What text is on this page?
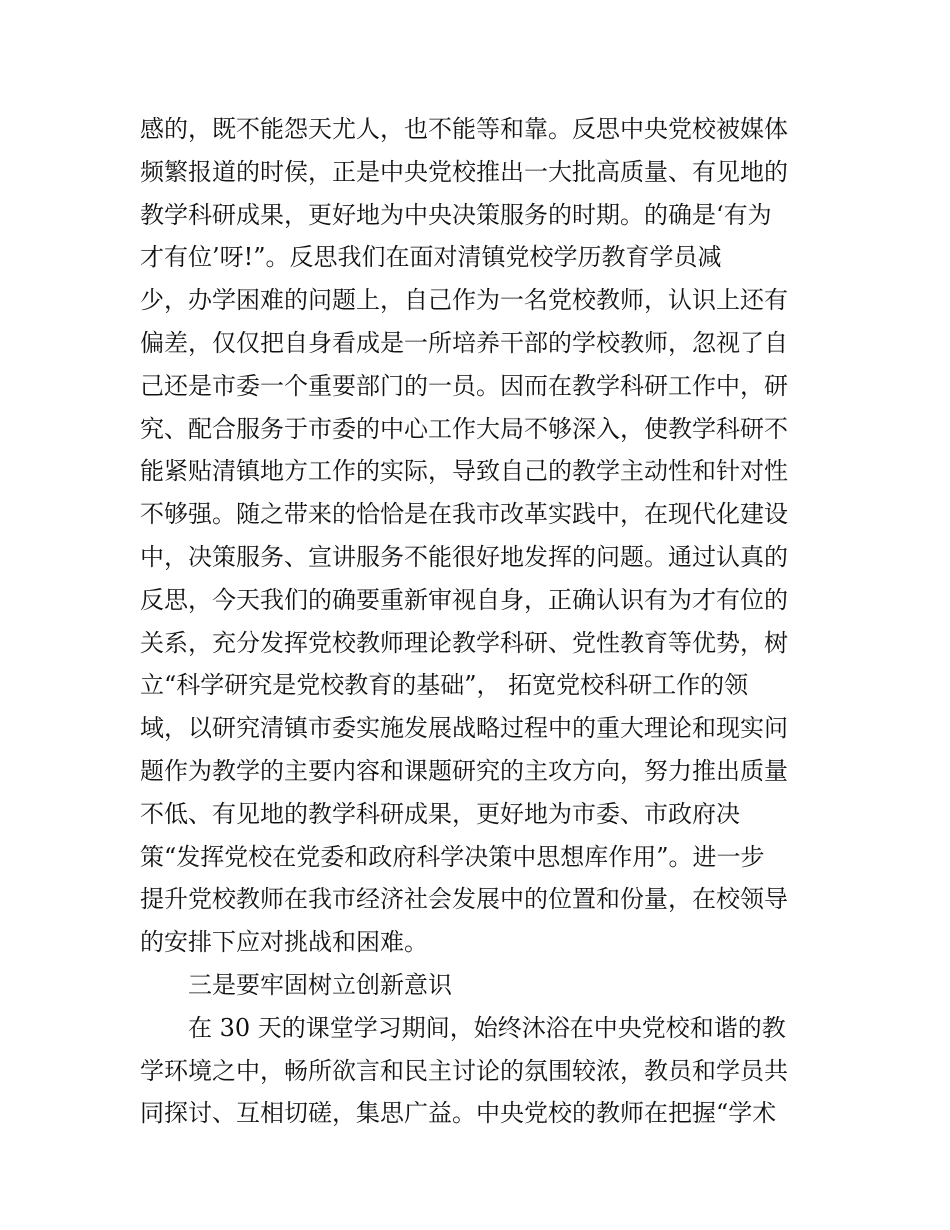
感的，既不能怨天尤人，也不能等和靠。反思中央党校被媒体
频繁报道的时侯，正是中央党校推出一大批高质量、有见地的
教学科研成果，更好地为中央决策服务的时期。的确是‘有为
才有位’呀!”。反思我们在面对清镇党校学历教育学员减
少，办学困难的问题上，自己作为一名党校教师，认识上还有
偏差，仅仅把自身看成是一所培养干部的学校教师，忽视了自
己还是市委一个重要部门的一员。因而在教学科研工作中，研
究、配合服务于市委的中心工作大局不够深入，使教学科研不
能紧贴清镇地方工作的实际，导致自己的教学主动性和针对性
不够强。随之带来的恰恰是在我市改革实践中，在现代化建设
中，决策服务、宣讲服务不能很好地发挥的问题。通过认真的
反思，今天我们的确要重新审视自身，正确认识有为才有位的
关系，充分发挥党校教师理论教学科研、党性教育等优势，树
立“科学研究是党校教育的基础”， 拓宽党校科研工作的领
域，以研究清镇市委实施发展战略过程中的重大理论和现实问
题作为教学的主要内容和课题研究的主攻方向，努力推出质量
不低、有见地的教学科研成果，更好地为市委、市政府决
策“发挥党校在党委和政府科学决策中思想库作用”。进一步
提升党校教师在我市经济社会发展中的位置和份量，在校领导
的安排下应对挑战和困难。
三是要牢固树立创新意识
在 30 天的课堂学习期间，始终沐浴在中央党校和谐的教
学环境之中，畅所欲言和民主讨论的氛围较浓，教员和学员共
同探讨、互相切磋，集思广益。中央党校的教师在把握“学术
